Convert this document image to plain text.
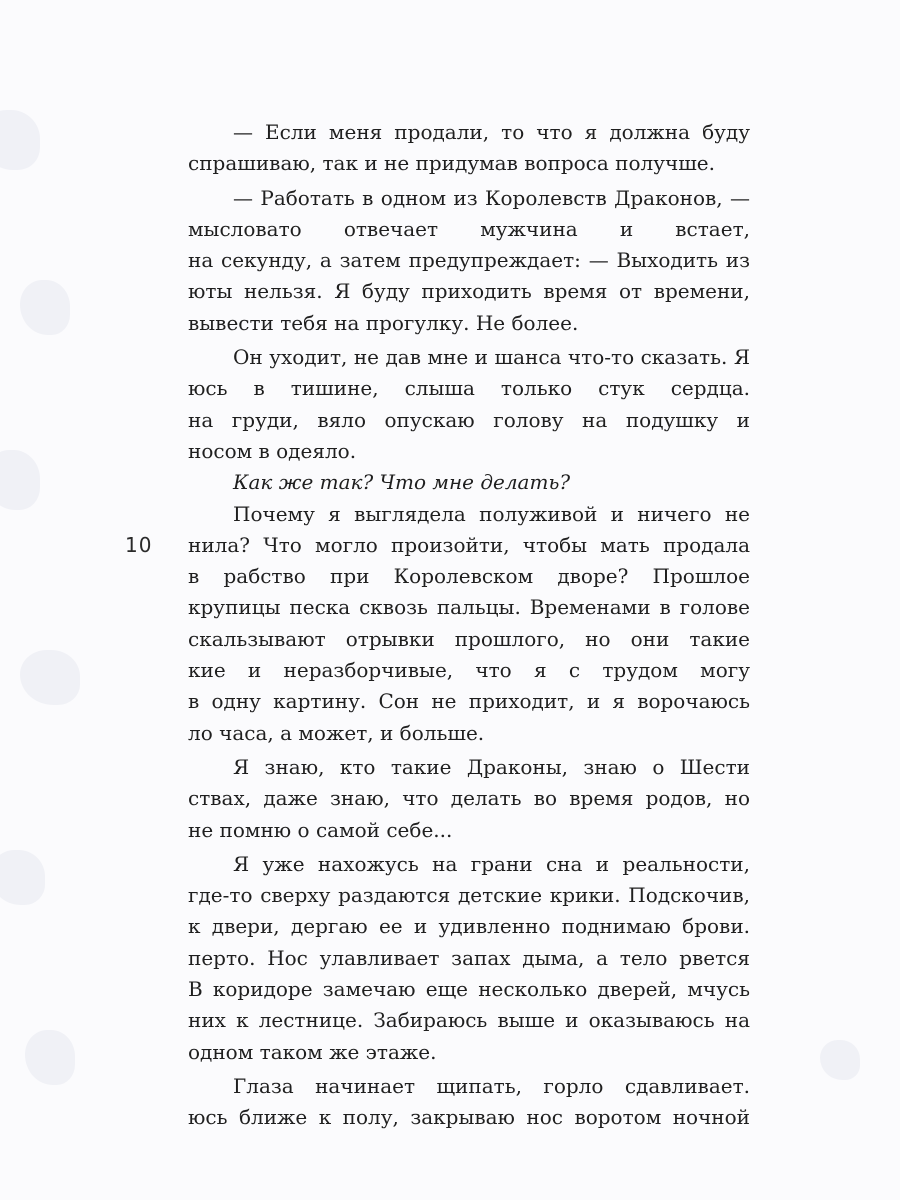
10
— Если меня продали, то что я должна буду
спрашиваю, так и не придумав вопроса получше.
— Работать в одном из Королевств Драконов, —
мысловато отвечает мужчина и встает,
на секунду, а затем предупреждает: — Выходить из
юты нельзя. Я буду приходить время от времени,
вывести тебя на прогулку. Не более.
Он уходит, не дав мне и шанса что-то сказать. Я
юсь в тишине, слыша только стук сердца.
на груди, вяло опускаю голову на подушку и
носом в одеяло.
Как же так? Что мне делать?
Почему я выглядела полуживой и ничего не
нила? Что могло произойти, чтобы мать продала
в рабство при Королевском дворе? Прошлое
крупицы песка сквозь пальцы. Временами в голове
скальзывают отрывки прошлого, но они такие
кие и неразборчивые, что я с трудом могу
в одну картину. Сон не приходит, и я ворочаюсь
ло часа, а может, и больше.
Я знаю, кто такие Драконы, знаю о Шести
ствах, даже знаю, что делать во время родов, но
не помню о самой себе...
Я уже нахожусь на грани сна и реальности,
где-то сверху раздаются детские крики. Подскочив,
к двери, дергаю ее и удивленно поднимаю брови.
перто. Нос улавливает запах дыма, а тело рвется
В коридоре замечаю еще несколько дверей, мчусь
них к лестнице. Забираюсь выше и оказываюсь на
одном таком же этаже.
Глаза начинает щипать, горло сдавливает.
юсь ближе к полу, закрываю нос воротом ночной
